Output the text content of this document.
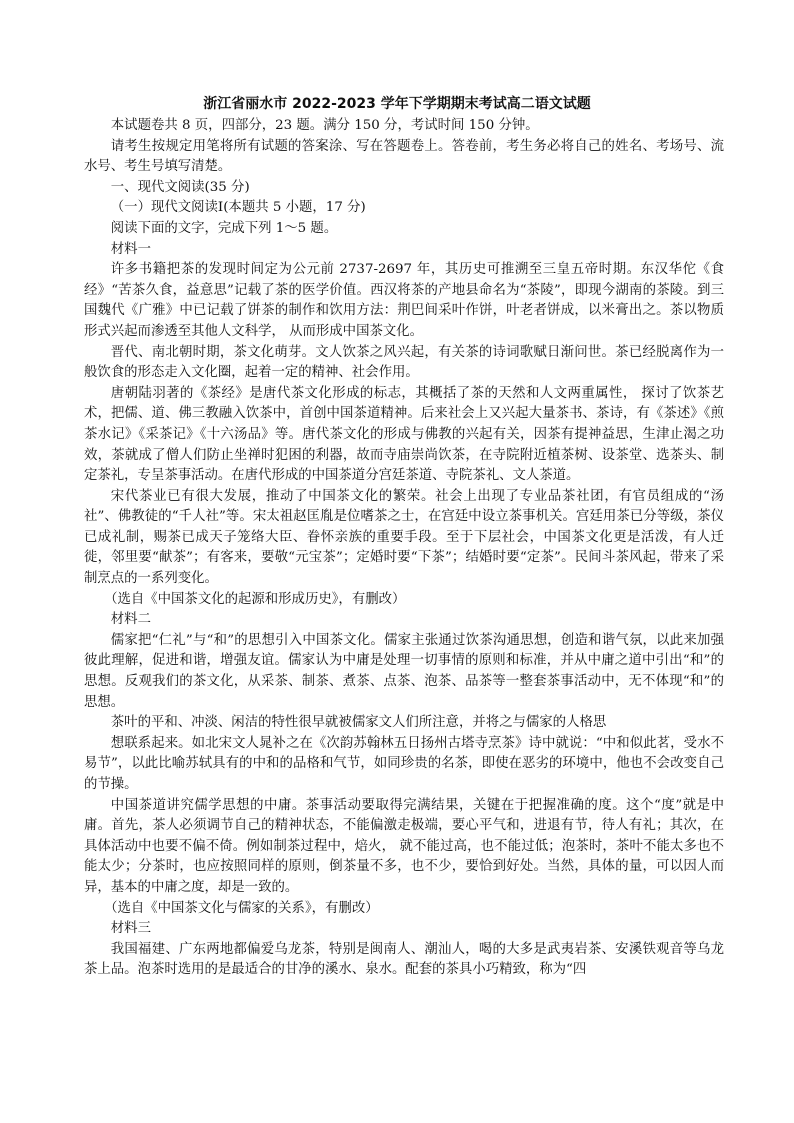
浙江省丽水市 2022-2023 学年下学期期末考试高二语文试题

本试题卷共 8 页，四部分，23 题。满分 150 分，考试时间 150 分钟。

请考生按规定用笔将所有试题的答案涂、写在答题卷上。答卷前，考生务必将自己的姓名、考场号、流水号、考生号填写清楚。

一、现代文阅读(35 分)

（一）现代文阅读Ⅰ(本题共 5 小题，17 分)

阅读下面的文字，完成下列 1～5 题。

材料一

许多书籍把茶的发现时间定为公元前 2737-2697 年，其历史可推溯至三皇五帝时期。东汉华佗《食经》“苦茶久食，益意思”记载了茶的医学价值。西汉将茶的产地县命名为“茶陵”，即现今湖南的茶陵。到三国魏代《广雅》中已记载了饼茶的制作和饮用方法：荆巴间采叶作饼，叶老者饼成，以米膏出之。茶以物质形式兴起而渗透至其他人文科学， 从而形成中国茶文化。

晋代、南北朝时期，茶文化萌芽。文人饮茶之风兴起，有关茶的诗词歌赋日渐问世。茶已经脱离作为一般饮食的形态走入文化圈，起着一定的精神、社会作用。

唐朝陆羽著的《茶经》是唐代茶文化形成的标志，其概括了茶的天然和人文两重属性， 探讨了饮茶艺术，把儒、道、佛三教融入饮茶中，首创中国茶道精神。后来社会上又兴起大量茶书、茶诗，有《茶述》《煎茶水记》《采茶记》《十六汤品》等。唐代茶文化的形成与佛教的兴起有关，因茶有提神益思，生津止渴之功效，茶就成了僧人们防止坐禅时犯困的利器，故而寺庙崇尚饮茶，在寺院附近植茶树、设茶堂、选茶头、制定茶礼，专呈茶事活动。在唐代形成的中国茶道分宫廷茶道、寺院茶礼、文人茶道。

宋代茶业已有很大发展，推动了中国茶文化的繁荣。社会上出现了专业品茶社团，有官员组成的“汤社”、佛教徒的“千人社”等。宋太祖赵匡胤是位嗜茶之士，在宫廷中设立茶事机关。宫廷用茶已分等级，茶仪已成礼制，赐茶已成天子笼络大臣、眷怀亲族的重要手段。至于下层社会，中国茶文化更是活泼，有人迁徙，邻里要“献茶”；有客来，要敬“元宝茶”；定婚时要“下茶”；结婚时要“定茶”。民间斗茶风起，带来了采制烹点的一系列变化。

（选自《中国茶文化的起源和形成历史》，有删改）

材料二

儒家把“仁礼”与“和”的思想引入中国茶文化。儒家主张通过饮茶沟通思想，创造和谐气氛，以此来加强彼此理解，促进和谐，增强友谊。儒家认为中庸是处理一切事情的原则和标准，并从中庸之道中引出“和”的思想。反观我们的茶文化，从采茶、制茶、煮茶、点茶、泡茶、品茶等一整套茶事活动中，无不体现“和”的思想。

茶叶的平和、冲淡、闲洁的特性很早就被儒家文人们所注意，并将之与儒家的人格思

想联系起来。如北宋文人晁补之在《次韵苏翰林五日扬州古塔寺烹茶》诗中就说：“中和似此茗，受水不易节”，以此比喻苏轼具有的中和的品格和气节，如同珍贵的名茶，即使在恶劣的环境中，他也不会改变自己的节操。

中国茶道讲究儒学思想的中庸。茶事活动要取得完满结果，关键在于把握准确的度。这个“度”就是中庸。首先，茶人必须调节自己的精神状态，不能偏激走极端，要心平气和，进退有节，待人有礼；其次，在具体活动中也要不偏不倚。例如制茶过程中，焙火， 就不能过高，也不能过低；泡茶时，茶叶不能太多也不能太少；分茶时，也应按照同样的原则，倒茶量不多，也不少，要恰到好处。当然，具体的量，可以因人而异，基本的中庸之度，却是一致的。

（选自《中国茶文化与儒家的关系》，有删改）

材料三

我国福建、广东两地都偏爱乌龙茶，特别是闽南人、潮汕人，喝的大多是武夷岩茶、安溪铁观音等乌龙茶上品。泡茶时选用的是最适合的甘净的溪水、泉水。配套的茶具小巧精致，称为“四
